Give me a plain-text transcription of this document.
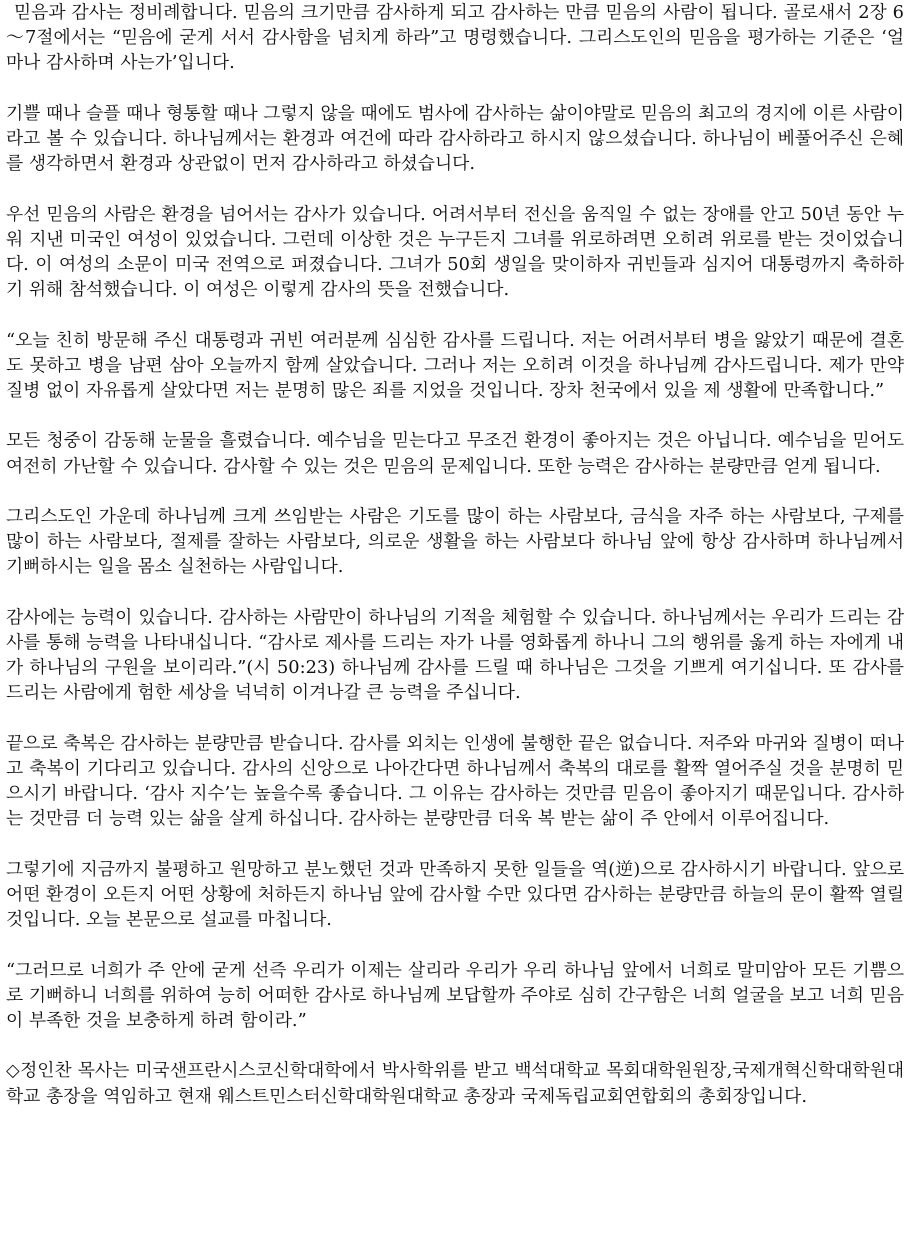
믿음과 감사는 정비례합니다. 믿음의 크기만큼 감사하게 되고 감사하는 만큼 믿음의 사람이 됩니다. 골로새서 2장 6～7절에서는 “믿음에 굳게 서서 감사함을 넘치게 하라”고 명령했습니다. 그리스도인의 믿음을 평가하는 기준은 ‘얼마나 감사하며 사는가’입니다.

기쁠 때나 슬플 때나 형통할 때나 그렇지 않을 때에도 범사에 감사하는 삶이야말로 믿음의 최고의 경지에 이른 사람이라고 볼 수 있습니다. 하나님께서는 환경과 여건에 따라 감사하라고 하시지 않으셨습니다. 하나님이 베풀어주신 은혜를 생각하면서 환경과 상관없이 먼저 감사하라고 하셨습니다.

우선 믿음의 사람은 환경을 넘어서는 감사가 있습니다. 어려서부터 전신을 움직일 수 없는 장애를 안고 50년 동안 누워 지낸 미국인 여성이 있었습니다. 그런데 이상한 것은 누구든지 그녀를 위로하려면 오히려 위로를 받는 것이었습니다. 이 여성의 소문이 미국 전역으로 퍼졌습니다. 그녀가 50회 생일을 맞이하자 귀빈들과 심지어 대통령까지 축하하기 위해 참석했습니다. 이 여성은 이렇게 감사의 뜻을 전했습니다.

“오늘 친히 방문해 주신 대통령과 귀빈 여러분께 심심한 감사를 드립니다. 저는 어려서부터 병을 앓았기 때문에 결혼도 못하고 병을 남편 삼아 오늘까지 함께 살았습니다. 그러나 저는 오히려 이것을 하나님께 감사드립니다. 제가 만약 질병 없이 자유롭게 살았다면 저는 분명히 많은 죄를 지었을 것입니다. 장차 천국에서 있을 제 생활에 만족합니다.”

모든 청중이 감동해 눈물을 흘렸습니다. 예수님을 믿는다고 무조건 환경이 좋아지는 것은 아닙니다. 예수님을 믿어도 여전히 가난할 수 있습니다. 감사할 수 있는 것은 믿음의 문제입니다. 또한 능력은 감사하는 분량만큼 얻게 됩니다.

그리스도인 가운데 하나님께 크게 쓰임받는 사람은 기도를 많이 하는 사람보다, 금식을 자주 하는 사람보다, 구제를 많이 하는 사람보다, 절제를 잘하는 사람보다, 의로운 생활을 하는 사람보다 하나님 앞에 항상 감사하며 하나님께서 기뻐하시는 일을 몸소 실천하는 사람입니다.

감사에는 능력이 있습니다. 감사하는 사람만이 하나님의 기적을 체험할 수 있습니다. 하나님께서는 우리가 드리는 감사를 통해 능력을 나타내십니다. “감사로 제사를 드리는 자가 나를 영화롭게 하나니 그의 행위를 옳게 하는 자에게 내가 하나님의 구원을 보이리라.”(시 50:23) 하나님께 감사를 드릴 때 하나님은 그것을 기쁘게 여기십니다. 또 감사를 드리는 사람에게 험한 세상을 넉넉히 이겨나갈 큰 능력을 주십니다.

끝으로 축복은 감사하는 분량만큼 받습니다. 감사를 외치는 인생에 불행한 끝은 없습니다. 저주와 마귀와 질병이 떠나고 축복이 기다리고 있습니다. 감사의 신앙으로 나아간다면 하나님께서 축복의 대로를 활짝 열어주실 것을 분명히 믿으시기 바랍니다. ‘감사 지수’는 높을수록 좋습니다. 그 이유는 감사하는 것만큼 믿음이 좋아지기 때문입니다. 감사하는 것만큼 더 능력 있는 삶을 살게 하십니다. 감사하는 분량만큼 더욱 복 받는 삶이 주 안에서 이루어집니다.

그렇기에 지금까지 불평하고 원망하고 분노했던 것과 만족하지 못한 일들을 역(逆)으로 감사하시기 바랍니다. 앞으로 어떤 환경이 오든지 어떤 상황에 처하든지 하나님 앞에 감사할 수만 있다면 감사하는 분량만큼 하늘의 문이 활짝 열릴 것입니다. 오늘 본문으로 설교를 마칩니다.

“그러므로 너희가 주 안에 굳게 선즉 우리가 이제는 살리라 우리가 우리 하나님 앞에서 너희로 말미암아 모든 기쁨으로 기뻐하니 너희를 위하여 능히 어떠한 감사로 하나님께 보답할까 주야로 심히 간구함은 너희 얼굴을 보고 너희 믿음이 부족한 것을 보충하게 하려 함이라.”

◇정인찬 목사는 미국샌프란시스코신학대학에서 박사학위를 받고 백석대학교 목회대학원원장,국제개혁신학대학원대학교 총장을 역임하고 현재 웨스트민스터신학대학원대학교 총장과 국제독립교회연합회의 총회장입니다.
